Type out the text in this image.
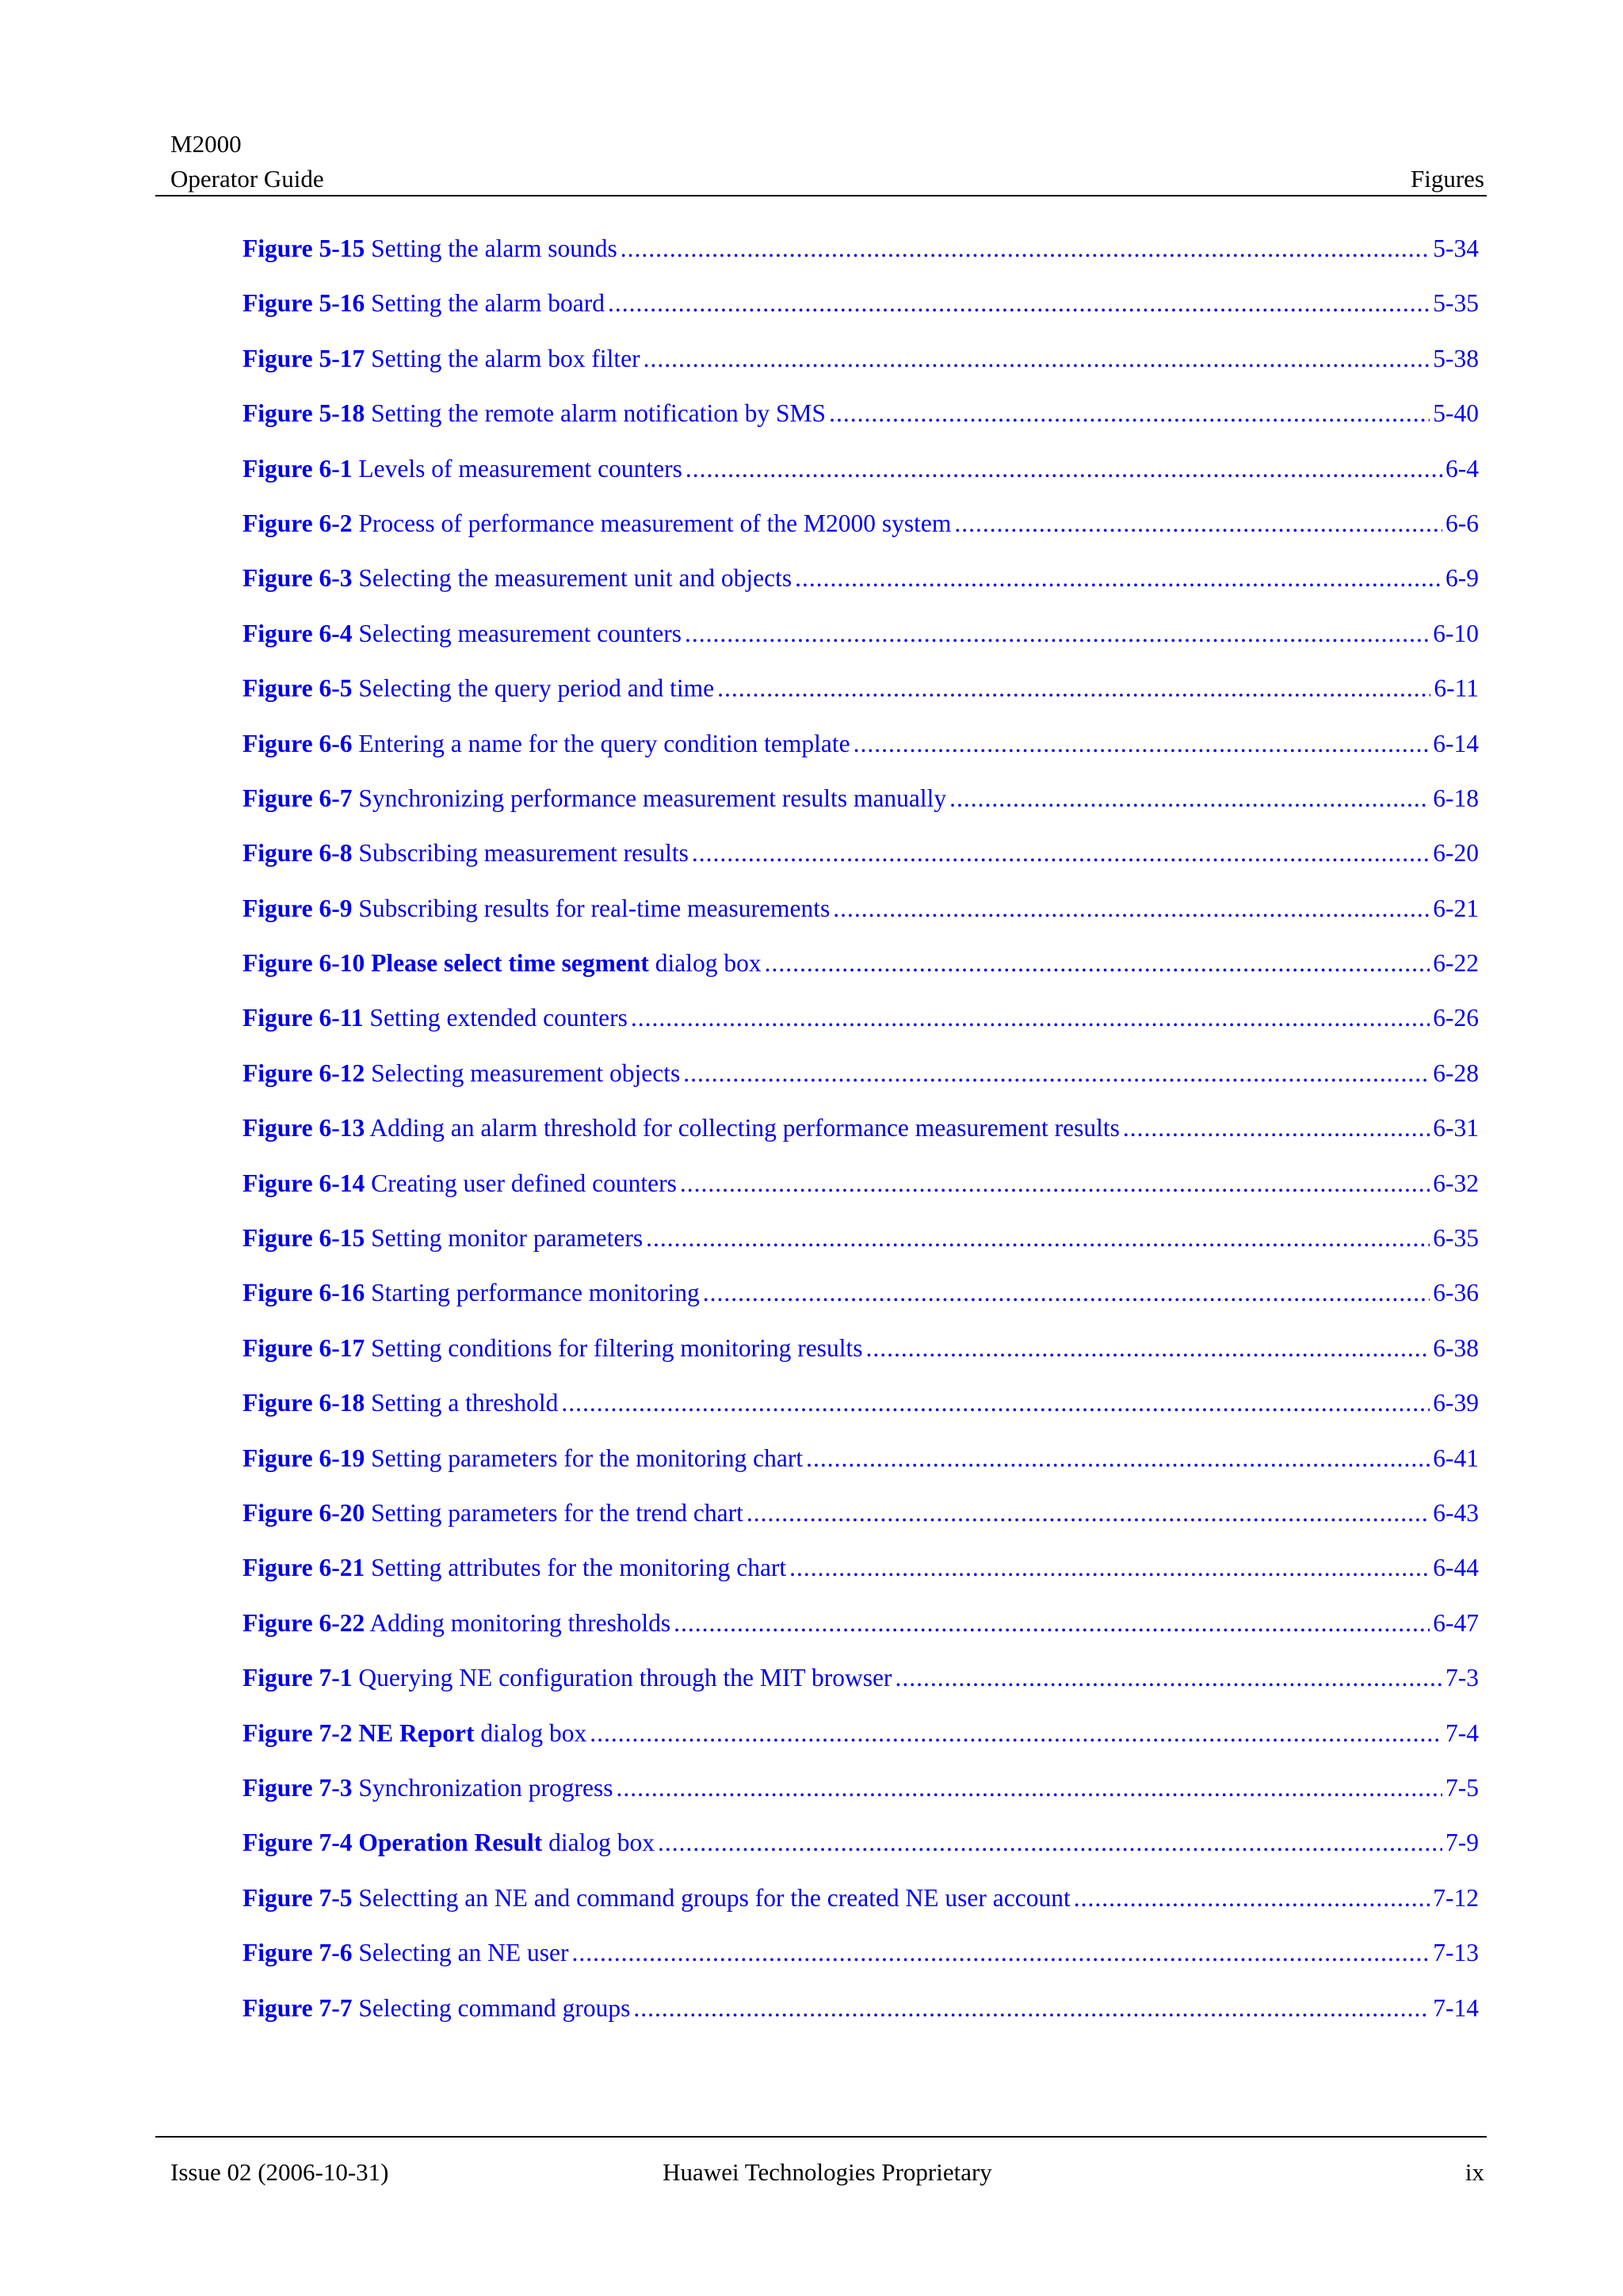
M2000
Operator Guide	Figures
Figure 5-15 Setting the alarm sounds .....	5-34
Figure 5-16 Setting the alarm board .....	5-35
Figure 5-17 Setting the alarm box filter .....	5-38
Figure 5-18 Setting the remote alarm notification by SMS .....	5-40
Figure 6-1 Levels of measurement counters .....	6-4
Figure 6-2 Process of performance measurement of the M2000 system .....	6-6
Figure 6-3 Selecting the measurement unit and objects .....	6-9
Figure 6-4 Selecting measurement counters .....	6-10
Figure 6-5 Selecting the query period and time .....	6-11
Figure 6-6 Entering a name for the query condition template .....	6-14
Figure 6-7 Synchronizing performance measurement results manually .....	6-18
Figure 6-8 Subscribing measurement results .....	6-20
Figure 6-9 Subscribing results for real-time measurements .....	6-21
Figure 6-10 Please select time segment dialog box .....	6-22
Figure 6-11 Setting extended counters .....	6-26
Figure 6-12 Selecting measurement objects .....	6-28
Figure 6-13 Adding an alarm threshold for collecting performance measurement results .....	6-31
Figure 6-14 Creating user defined counters .....	6-32
Figure 6-15 Setting monitor parameters .....	6-35
Figure 6-16 Starting performance monitoring .....	6-36
Figure 6-17 Setting conditions for filtering monitoring results .....	6-38
Figure 6-18 Setting a threshold .....	6-39
Figure 6-19 Setting parameters for the monitoring chart .....	6-41
Figure 6-20 Setting parameters for the trend chart .....	6-43
Figure 6-21 Setting attributes for the monitoring chart .....	6-44
Figure 6-22 Adding monitoring thresholds .....	6-47
Figure 7-1 Querying NE configuration through the MIT browser .....	7-3
Figure 7-2 NE Report dialog box .....	7-4
Figure 7-3 Synchronization progress .....	7-5
Figure 7-4 Operation Result dialog box .....	7-9
Figure 7-5 Selectting an NE and command groups for the created NE user account .....	7-12
Figure 7-6 Selecting an NE user .....	7-13
Figure 7-7 Selecting command groups .....	7-14
Issue 02 (2006-10-31)	Huawei Technologies Proprietary	ix
